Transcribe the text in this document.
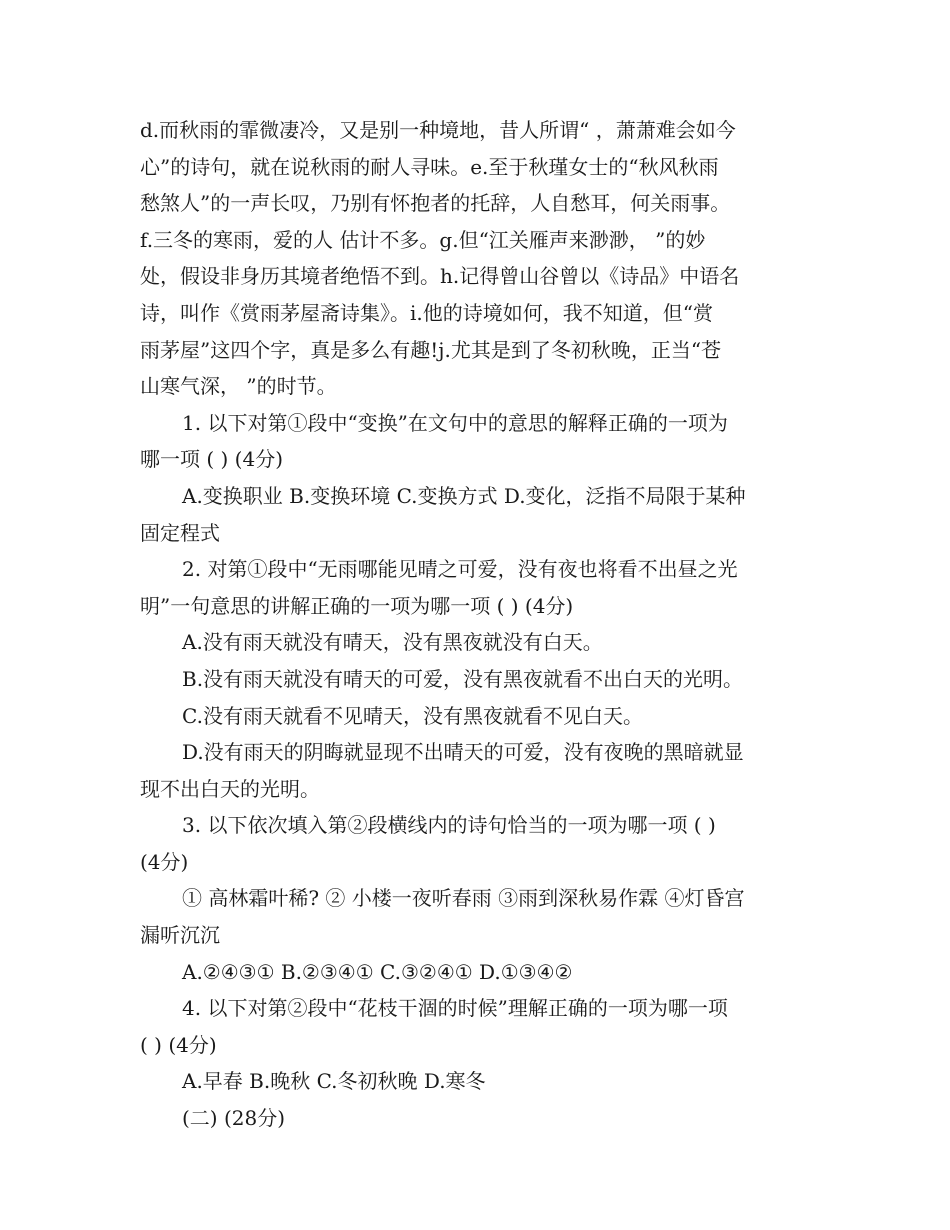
d.而秋雨的霏微凄冷，又是别一种境地，昔人所谓“ ，萧萧难会如今
心”的诗句，就在说秋雨的耐人寻味。e.至于秋瑾女士的“秋风秋雨
愁煞人”的一声长叹，乃别有怀抱者的托辞，人自愁耳，何关雨事。
f.三冬的寒雨，爱的人 估计不多。g.但“江关雁声来渺渺， ”的妙
处，假设非身历其境者绝悟不到。h.记得曾山谷曾以《诗品》中语名
诗，叫作《赏雨茅屋斋诗集》。i.他的诗境如何，我不知道，但“赏
雨茅屋”这四个字，真是多么有趣!j.尤其是到了冬初秋晚，正当“苍
山寒气深， ”的时节。
1. 以下对第①段中“变换”在文句中的意思的解释正确的一项为
哪一项 ( ) (4分)
A.变换职业 B.变换环境 C.变换方式 D.变化，泛指不局限于某种
固定程式
2. 对第①段中“无雨哪能见晴之可爱，没有夜也将看不出昼之光
明”一句意思的讲解正确的一项为哪一项 ( ) (4分)
A.没有雨天就没有晴天，没有黑夜就没有白天。
B.没有雨天就没有晴天的可爱，没有黑夜就看不出白天的光明。
C.没有雨天就看不见晴天，没有黑夜就看不见白天。
D.没有雨天的阴晦就显现不出晴天的可爱，没有夜晚的黑暗就显
现不出白天的光明。
3. 以下依次填入第②段横线内的诗句恰当的一项为哪一项 ( )
(4分)
① 高林霜叶稀? ② 小楼一夜听春雨 ③雨到深秋易作霖 ④灯昏宫
漏听沉沉
A.②④③① B.②③④① C.③②④① D.①③④②
4. 以下对第②段中“花枝干涸的时候”理解正确的一项为哪一项
( ) (4分)
A.早春 B.晚秋 C.冬初秋晚 D.寒冬
(二) (28分)
